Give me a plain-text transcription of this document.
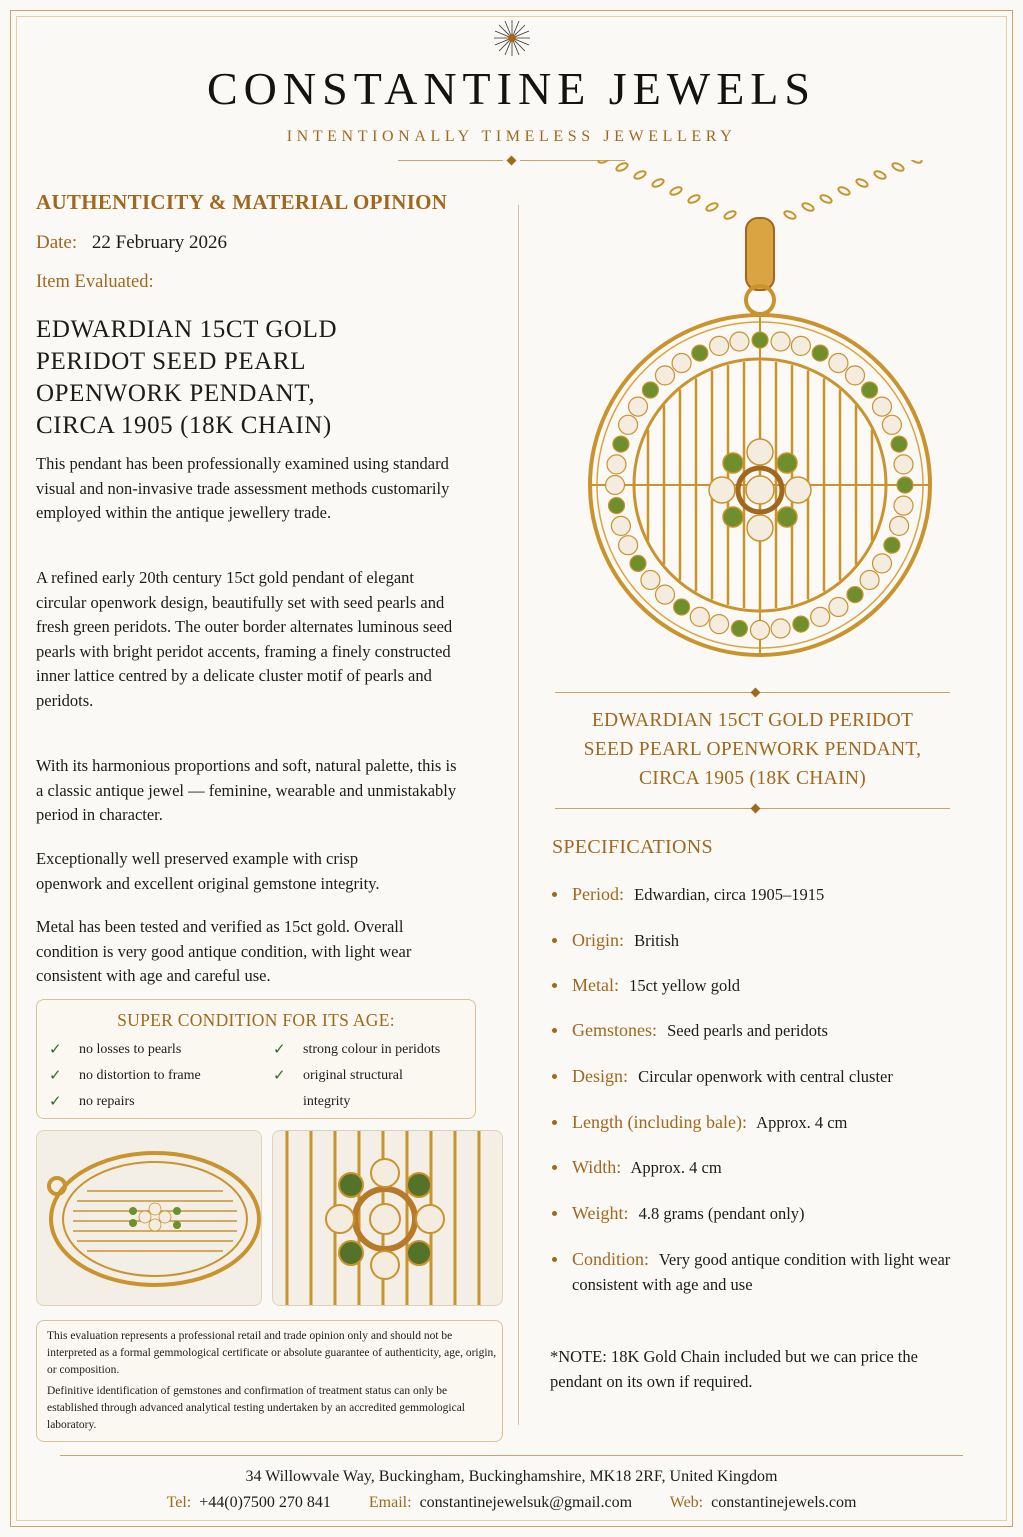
CONSTANTINE JEWELS
INTENTIONALLY TIMELESS JEWELLERY
AUTHENTICITY & MATERIAL OPINION
Date: 22 February 2026
Item Evaluated:
EDWARDIAN 15CT GOLD
PERIDOT SEED PEARL
OPENWORK PENDANT,
CIRCA 1905 (18K CHAIN)
This pendant has been professionally examined using standard visual and non-invasive trade assessment methods customarily employed within the antique jewellery trade.
A refined early 20th century 15ct gold pendant of elegant circular openwork design, beautifully set with seed pearls and fresh green peridots. The outer border alternates luminous seed pearls with bright peridot accents, framing a finely constructed inner lattice centred by a delicate cluster motif of pearls and peridots.
With its harmonious proportions and soft, natural palette, this is a classic antique jewel — feminine, wearable and unmistakably period in character.
Exceptionally well preserved example with crisp openwork and excellent original gemstone integrity.
Metal has been tested and verified as 15ct gold. Overall condition is very good antique condition, with light wear consistent with age and careful use.
SUPER CONDITION FOR ITS AGE:
✓ no losses to pearls
✓ no distortion to frame
✓ no repairs
✓ strong colour in peridots
✓ original structural
integrity
This evaluation represents a professional retail and trade opinion only and should not be interpreted as a formal gemmological certificate or absolute guarantee of authenticity, age, origin, or composition.
Definitive identification of gemstones and confirmation of treatment status can only be established through advanced analytical testing undertaken by an accredited gemmological laboratory.
EDWARDIAN 15CT GOLD PERIDOT
SEED PEARL OPENWORK PENDANT,
CIRCA 1905 (18K CHAIN)
SPECIFICATIONS
Period: Edwardian, circa 1905–1915
Origin: British
Metal: 15ct yellow gold
Gemstones: Seed pearls and peridots
Design: Circular openwork with central cluster
Length (including bale): Approx. 4 cm
Width: Approx. 4 cm
Weight: 4.8 grams (pendant only)
Condition: Very good antique condition with light wear consistent with age and use
*NOTE: 18K Gold Chain included but we can price the pendant on its own if required.
34 Willowvale Way, Buckingham, Buckinghamshire, MK18 2RF, United Kingdom
Tel: +44(0)7500 270 841 Email: constantinejewelsuk@gmail.com Web: constantinejewels.com
